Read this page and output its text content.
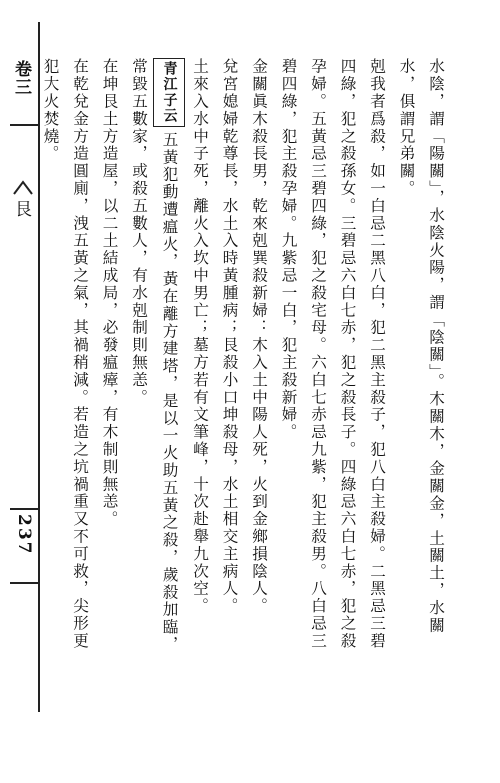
卷三
艮
237	水陰，謂「陽關」，水陰火陽，謂「陰關」。木關木，金關金，土關土，水關
水，俱謂兄弟關。
剋我者爲殺，如一白忌二黑八白，犯二黑主殺子，犯八白主殺婦。二黑忌三碧
四綠，犯之殺孫女。三碧忌六白七赤，犯之殺長子。四綠忌六白七赤，犯之殺
孕婦。五黃忌三碧四綠，犯之殺宅母。六白七赤忌九紫，犯主殺男。八白忌三
碧四綠，犯主殺孕婦。九紫忌一白，犯主殺新婦。
金關眞木殺長男，乾來剋巽殺新婦：木入土中陽人死，火到金鄉損陰人。
兌宮媳婦乾尊長，水土入時黃腫病；艮殺小口坤殺母，水土相交主病人。
土來入水中子死，離火入坎中男亡；墓方若有文筆峰，十次赴舉九次空。
青江子云五黃犯動遭瘟火，黃在離方建塔，是以一火助五黃之殺，歲殺加臨，
常毀五數家，或殺五數人，有水剋制則無恙。
在坤艮土方造屋，以二土結成局，必發瘟瘴，有木制則無恙。
在乾兌金方造圓廁，洩五黃之氣，其禍稍減。若造之坑禍重又不可救，尖形更
犯大火焚燒。
